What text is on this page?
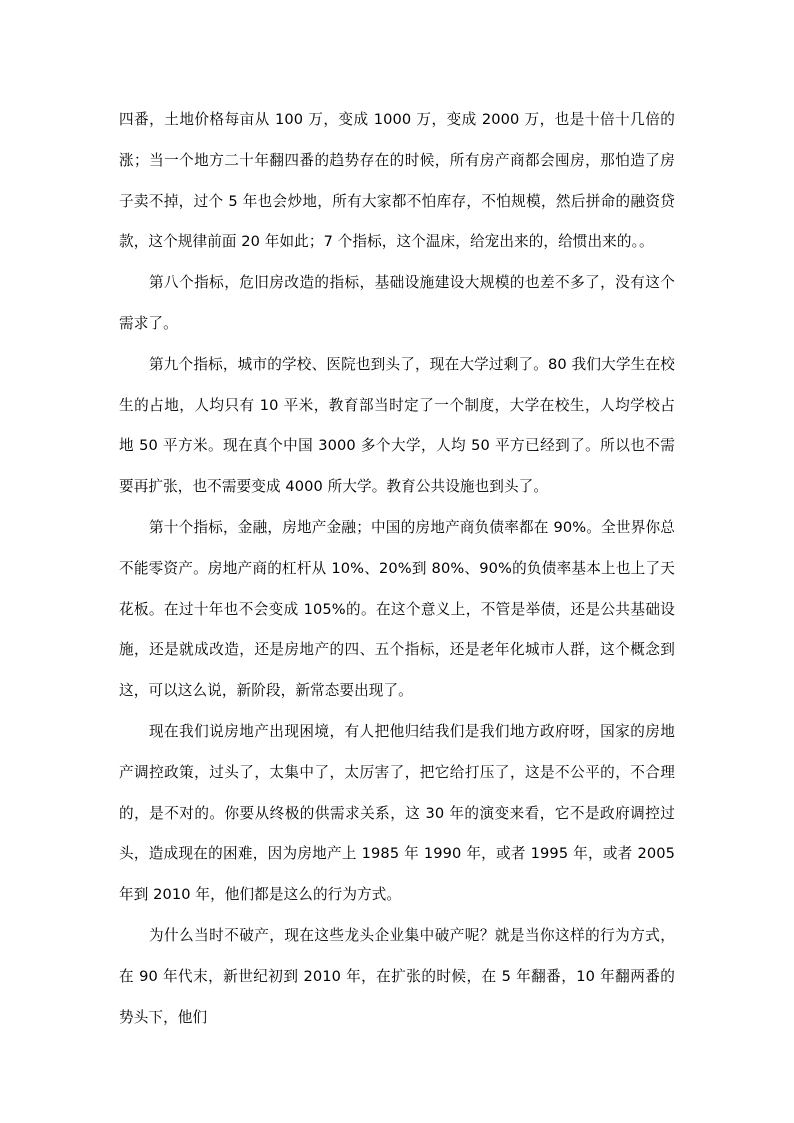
四番，土地价格每亩从 100 万，变成 1000 万，变成 2000 万，也是十倍十几倍的涨；当一个地方二十年翻四番的趋势存在的时候，所有房产商都会囤房，那怕造了房子卖不掉，过个 5 年也会炒地，所有大家都不怕库存，不怕规模，然后拼命的融资贷款，这个规律前面 20 年如此；7 个指标，这个温床，给宠出来的，给惯出来的。。

第八个指标，危旧房改造的指标，基础设施建设大规模的也差不多了，没有这个需求了。

第九个指标，城市的学校、医院也到头了，现在大学过剩了。80 我们大学生在校生的占地，人均只有 10 平米，教育部当时定了一个制度，大学在校生，人均学校占地 50 平方米。现在真个中国 3000 多个大学，人均 50 平方已经到了。所以也不需要再扩张，也不需要变成 4000 所大学。教育公共设施也到头了。

第十个指标，金融，房地产金融；中国的房地产商负债率都在 90%。全世界你总不能零资产。房地产商的杠杆从 10%、20%到 80%、90%的负债率基本上也上了天花板。在过十年也不会变成 105%的。在这个意义上，不管是举债，还是公共基础设施，还是就成改造，还是房地产的四、五个指标，还是老年化城市人群，这个概念到这，可以这么说，新阶段，新常态要出现了。

现在我们说房地产出现困境，有人把他归结我们是我们地方政府呀，国家的房地产调控政策，过头了，太集中了，太厉害了，把它给打压了，这是不公平的，不合理的，是不对的。你要从终极的供需求关系，这 30 年的演变来看，它不是政府调控过头，造成现在的困难，因为房地产上 1985 年 1990 年，或者 1995 年，或者 2005 年到 2010 年，他们都是这么的行为方式。

为什么当时不破产，现在这些龙头企业集中破产呢？就是当你这样的行为方式，在 90 年代末，新世纪初到 2010 年，在扩张的时候，在 5 年翻番，10 年翻两番的势头下，他们
